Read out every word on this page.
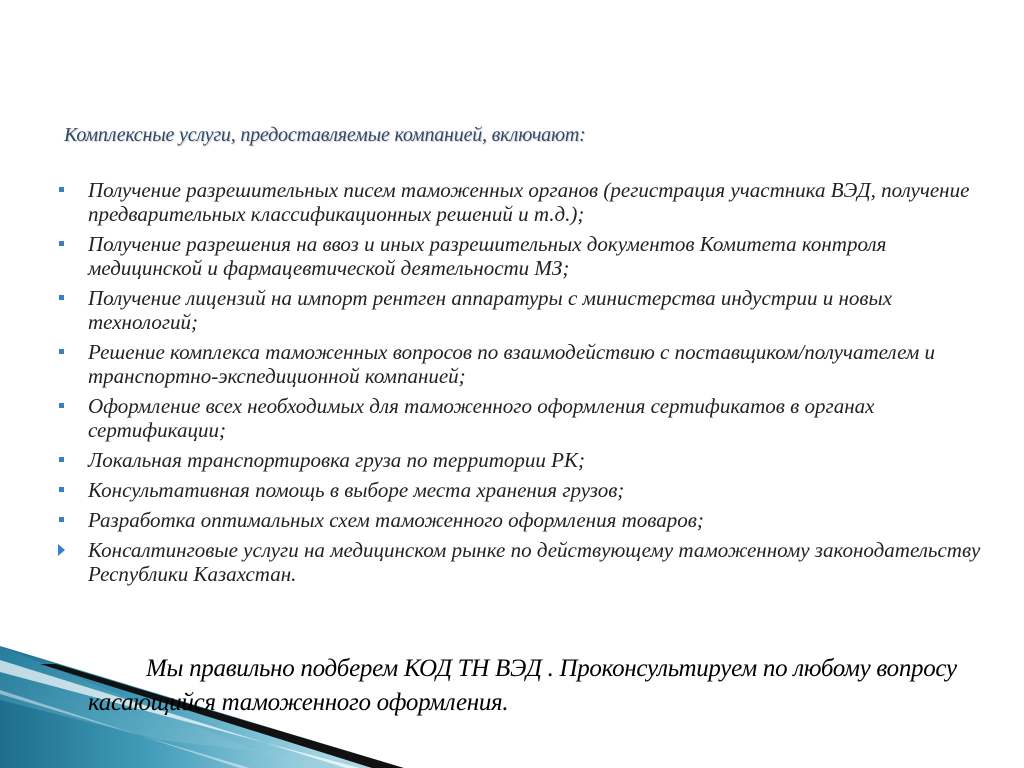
Комплексные услуги, предоставляемые компанией, включают:
Получение разрешительных писем таможенных органов (регистрация участника ВЭД, получение предварительных классификационных решений и т.д.);
Получение разрешения на ввоз и иных разрешительных документов Комитета контроля медицинской и фармацевтической деятельности МЗ;
Получение лицензий на импорт рентген аппаратуры с министерства индустрии и новых технологий;
Решение комплекса таможенных вопросов по взаимодействию с поставщиком/получателем и транспортно-экспедиционной компанией;
Оформление всех необходимых для таможенного оформления сертификатов в органах сертификации;
Локальная транспортировка груза по территории РК;
Консультативная помощь в выборе места хранения грузов;
Разработка оптимальных схем таможенного оформления товаров;
Консалтинговые услуги на медицинском рынке по действующему таможенному законодательству Республики Казахстан.

Мы правильно подберем КОД ТН ВЭД . Проконсультируем по любому вопросу касающийся таможенного оформления.
